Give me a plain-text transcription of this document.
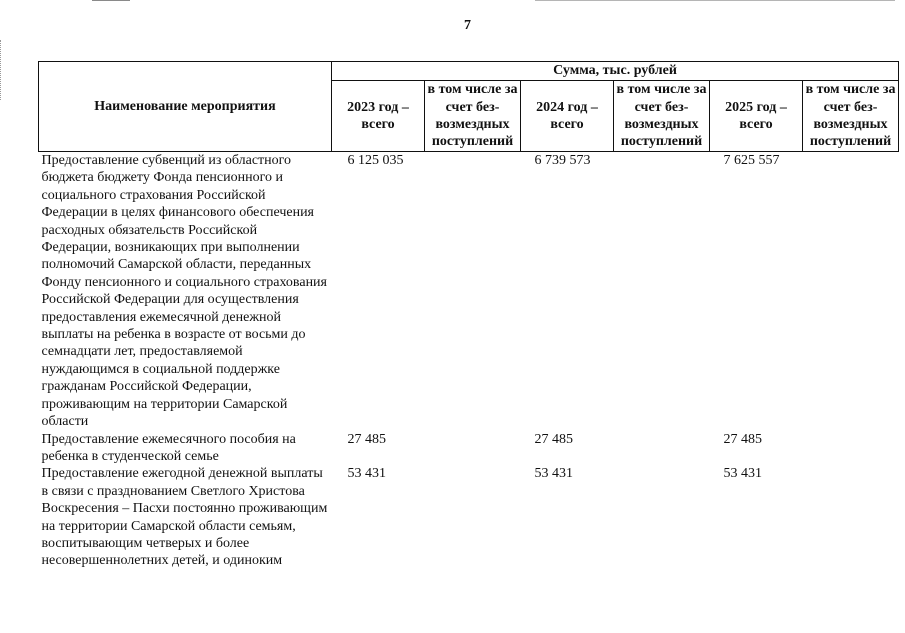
7
Наименование мероприятия	Сумма, тыс. рублей					
	2023 год – всего	в том числе за счет без-возмездных поступлений	2024 год – всего	в том числе за счет без-возмездных поступлений	2025 год – всего	в том числе за счет без-возмездных поступлений
Предоставление субвенций из областного бюджета бюджету Фонда пенсионного и социального страхования Российской Федерации в целях финансового обеспечения расходных обязательств Российской Федерации, возникающих при выполнении полномочий Самарской области, переданных Фонду пенсионного и социального страхования Российской Федерации для осуществления предоставления ежемесячной денежной выплаты на ребенка в возрасте от восьми до семнадцати лет, предоставляемой нуждающимся в социальной поддержке гражданам Российской Федерации, проживающим на территории Самарской области	6 125 035		6 739 573		7 625 557	
Предоставление ежемесячного пособия на ребенка в студенческой семье	27 485		27 485		27 485	
Предоставление ежегодной денежной выплаты в связи с празднованием Светлого Христова Воскресения – Пасхи постоянно проживающим на территории Самарской области семьям, воспитывающим четверых и более несовершеннолетних детей, и одиноким	53 431		53 431		53 431	
